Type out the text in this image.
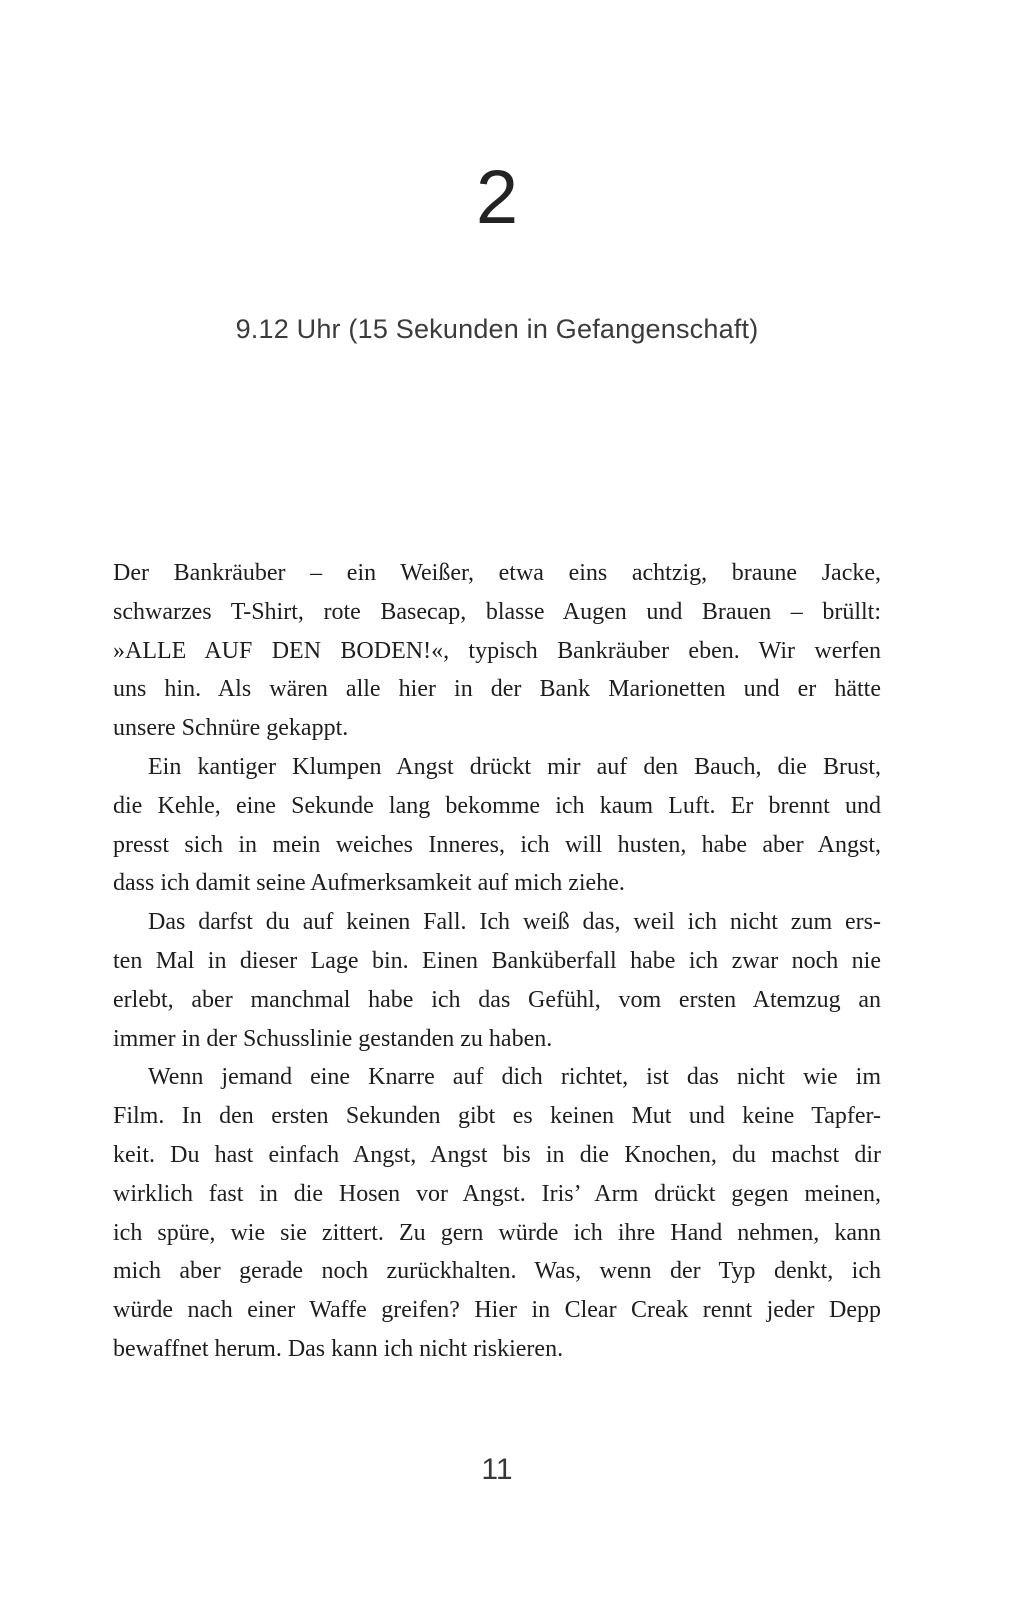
2
9.12 Uhr (15 Sekunden in Gefangenschaft)
Der Bankräuber – ein Weißer, etwa eins achtzig, braune Jacke,
schwarzes T-Shirt, rote Basecap, blasse Augen und Brauen – brüllt:
»ALLE AUF DEN BODEN!«, typisch Bankräuber eben. Wir werfen
uns hin. Als wären alle hier in der Bank Marionetten und er hätte
unsere Schnüre gekappt.
Ein kantiger Klumpen Angst drückt mir auf den Bauch, die Brust,
die Kehle, eine Sekunde lang bekomme ich kaum Luft. Er brennt und
presst sich in mein weiches Inneres, ich will husten, habe aber Angst,
dass ich damit seine Aufmerksamkeit auf mich ziehe.
Das darfst du auf keinen Fall. Ich weiß das, weil ich nicht zum ers-
ten Mal in dieser Lage bin. Einen Banküberfall habe ich zwar noch nie
erlebt, aber manchmal habe ich das Gefühl, vom ersten Atemzug an
immer in der Schusslinie gestanden zu haben.
Wenn jemand eine Knarre auf dich richtet, ist das nicht wie im
Film. In den ersten Sekunden gibt es keinen Mut und keine Tapfer-
keit. Du hast einfach Angst, Angst bis in die Knochen, du machst dir
wirklich fast in die Hosen vor Angst. Iris’ Arm drückt gegen meinen,
ich spüre, wie sie zittert. Zu gern würde ich ihre Hand nehmen, kann
mich aber gerade noch zurückhalten. Was, wenn der Typ denkt, ich
würde nach einer Waffe greifen? Hier in Clear Creak rennt jeder Depp
bewaffnet herum. Das kann ich nicht riskieren.
11
